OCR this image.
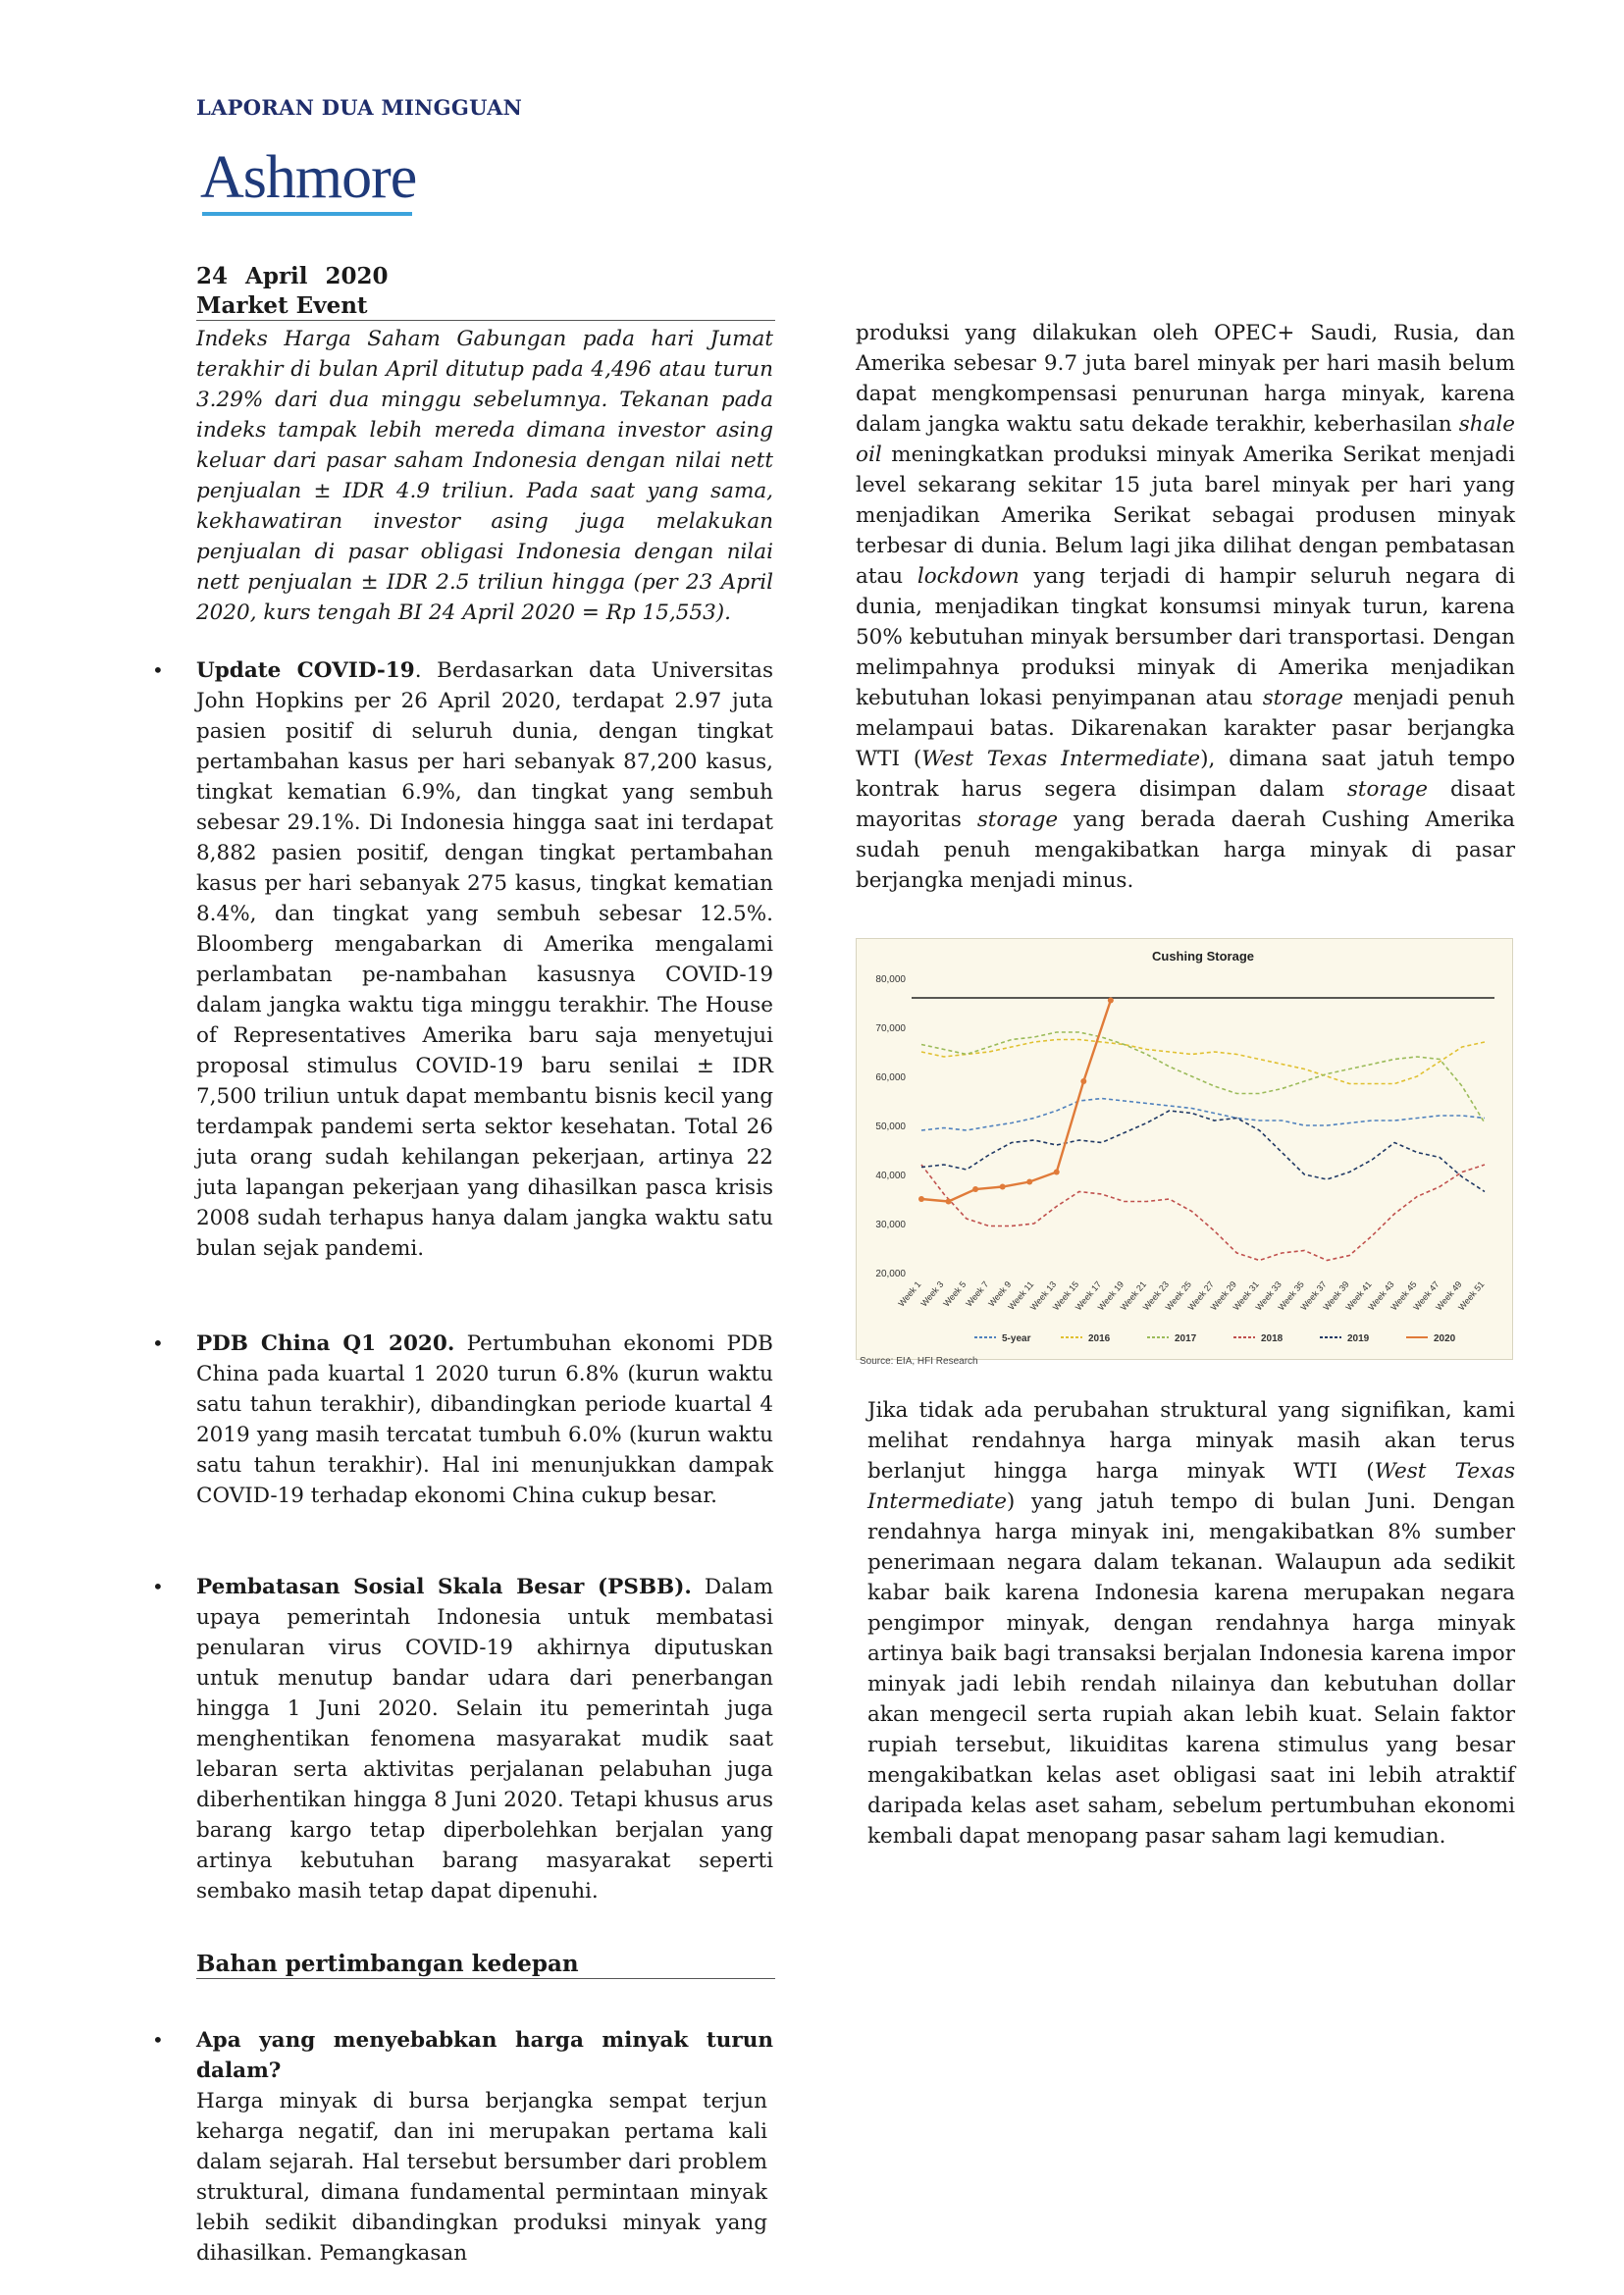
LAPORAN DUA MINGGUAN
Ashmore
24 April 2020
Market Event
Indeks Harga Saham Gabungan pada hari Jumat terakhir di bulan April ditutup pada 4,496 atau turun 3.29% dari dua minggu sebelumnya. Tekanan pada indeks tampak lebih mereda dimana investor asing keluar dari pasar saham Indonesia dengan nilai nett penjualan ± IDR 4.9 triliun. Pada saat yang sama, kekhawatiran investor asing juga melakukan penjualan di pasar obligasi Indonesia dengan nilai nett penjualan ± IDR 2.5 triliun hingga (per 23 April 2020, kurs tengah BI 24 April 2020 = Rp 15,553).
• Update COVID-19. Berdasarkan data Universitas John Hopkins per 26 April 2020, terdapat 2.97 juta pasien positif di seluruh dunia, dengan tingkat pertambahan kasus per hari sebanyak 87,200 kasus, tingkat kematian 6.9%, dan tingkat yang sembuh sebesar 29.1%. Di Indonesia hingga saat ini terdapat 8,882 pasien positif, dengan tingkat pertambahan kasus per hari sebanyak 275 kasus, tingkat kematian 8.4%, dan tingkat yang sembuh sebesar 12.5%. Bloomberg mengabarkan di Amerika mengalami perlambatan pe-nambahan kasusnya COVID-19 dalam jangka waktu tiga minggu terakhir. The House of Representatives Amerika baru saja menyetujui proposal stimulus COVID-19 baru senilai ± IDR 7,500 triliun untuk dapat membantu bisnis kecil yang terdampak pandemi serta sektor kesehatan. Total 26 juta orang sudah kehilangan pekerjaan, artinya 22 juta lapangan pekerjaan yang dihasilkan pasca krisis 2008 sudah terhapus hanya dalam jangka waktu satu bulan sejak pandemi.
• PDB China Q1 2020. Pertumbuhan ekonomi PDB China pada kuartal 1 2020 turun 6.8% (kurun waktu satu tahun terakhir), dibandingkan periode kuartal 4 2019 yang masih tercatat tumbuh 6.0% (kurun waktu satu tahun terakhir). Hal ini menunjukkan dampak COVID-19 terhadap ekonomi China cukup besar.
• Pembatasan Sosial Skala Besar (PSBB). Dalam upaya pemerintah Indonesia untuk membatasi penularan virus COVID-19 akhirnya diputuskan untuk menutup bandar udara dari penerbangan hingga 1 Juni 2020. Selain itu pemerintah juga menghentikan fenomena masyarakat mudik saat lebaran serta aktivitas perjalanan pelabuhan juga diberhentikan hingga 8 Juni 2020. Tetapi khusus arus barang kargo tetap diperbolehkan berjalan yang artinya kebutuhan barang masyarakat seperti sembako masih tetap dapat dipenuhi.
Bahan pertimbangan kedepan
• Apa yang menyebabkan harga minyak turun dalam?
Harga minyak di bursa berjangka sempat terjun keharga negatif, dan ini merupakan pertama kali dalam sejarah. Hal tersebut bersumber dari problem struktural, dimana fundamental permintaan minyak lebih sedikit dibandingkan produksi minyak yang dihasilkan. Pemangkasan
produksi yang dilakukan oleh OPEC+ Saudi, Rusia, dan Amerika sebesar 9.7 juta barel minyak per hari masih belum dapat mengkompensasi penurunan harga minyak, karena dalam jangka waktu satu dekade terakhir, keberhasilan shale oil meningkatkan produksi minyak Amerika Serikat menjadi level sekarang sekitar 15 juta barel minyak per hari yang menjadikan Amerika Serikat sebagai produsen minyak terbesar di dunia. Belum lagi jika dilihat dengan pembatasan atau lockdown yang terjadi di hampir seluruh negara di dunia, menjadikan tingkat konsumsi minyak turun, karena 50% kebutuhan minyak bersumber dari transportasi. Dengan melimpahnya produksi minyak di Amerika menjadikan kebutuhan lokasi penyimpanan atau storage menjadi penuh melampaui batas. Dikarenakan karakter pasar berjangka WTI (West Texas Intermediate), dimana saat jatuh tempo kontrak harus segera disimpan dalam storage disaat mayoritas storage yang berada daerah Cushing Amerika sudah penuh mengakibatkan harga minyak di pasar berjangka menjadi minus.
Cushing Storage
20,000
30,000
40,000
50,000
60,000
70,000
80,000
Week 1
Week 3
Week 5
Week 7
Week 9
Week 11
Week 13
Week 15
Week 17
Week 19
Week 21
Week 23
Week 25
Week 27
Week 29
Week 31
Week 33
Week 35
Week 37
Week 39
Week 41
Week 43
Week 45
Week 47
Week 49
Week 51
5-year	2016	2017	2018	2019	2020
Source: EIA, HFI Research
Jika tidak ada perubahan struktural yang signifikan, kami melihat rendahnya harga minyak masih akan terus berlanjut hingga harga minyak WTI (West Texas Intermediate) yang jatuh tempo di bulan Juni. Dengan rendahnya harga minyak ini, mengakibatkan 8% sumber penerimaan negara dalam tekanan. Walaupun ada sedikit kabar baik karena Indonesia karena merupakan negara pengimpor minyak, dengan rendahnya harga minyak artinya baik bagi transaksi berjalan Indonesia karena impor minyak jadi lebih rendah nilainya dan kebutuhan dollar akan mengecil serta rupiah akan lebih kuat. Selain faktor rupiah tersebut, likuiditas karena stimulus yang besar mengakibatkan kelas aset obligasi saat ini lebih atraktif daripada kelas aset saham, sebelum pertumbuhan ekonomi kembali dapat menopang pasar saham lagi kemudian.
